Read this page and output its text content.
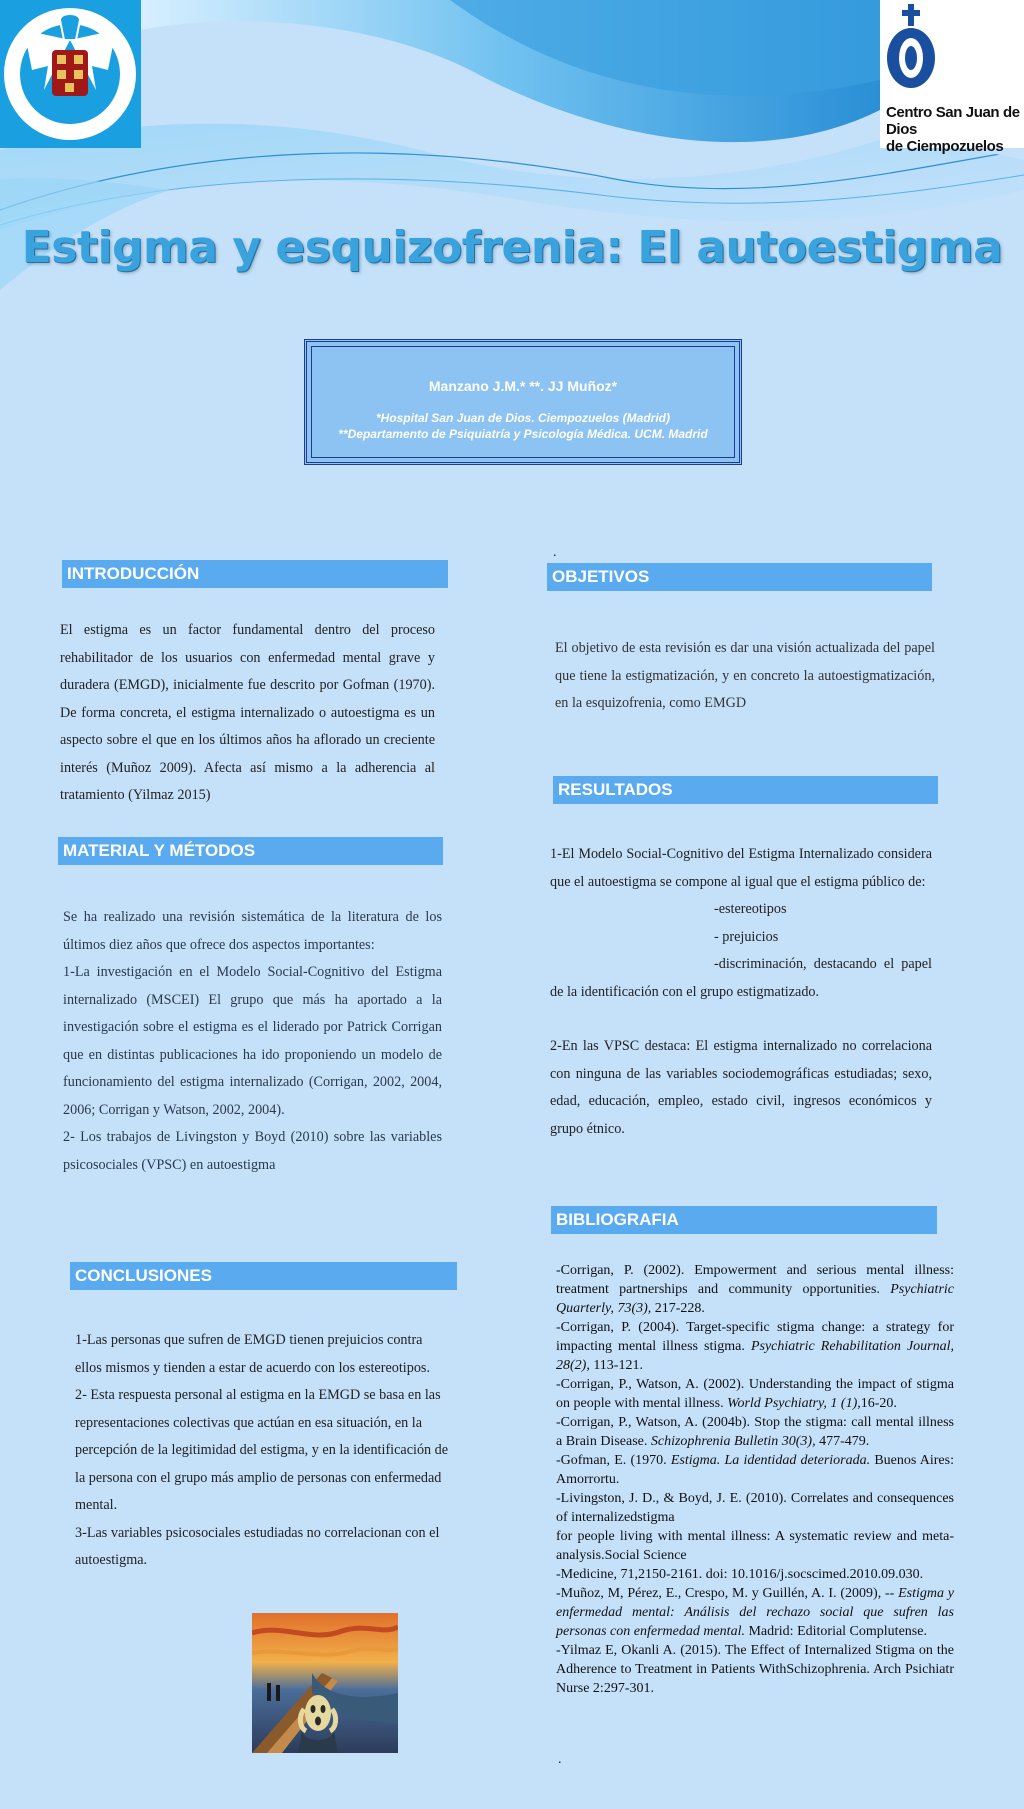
Centro San Juan de Dios
de Ciempozuelos
Estigma y esquizofrenia: El autoestigma
Manzano J.M.* **. JJ Muñoz*
*Hospital San Juan de Dios. Ciempozuelos (Madrid)
**Departamento de Psiquiatría y Psicología Médica. UCM. Madrid
INTRODUCCIÓN

El estigma es un factor fundamental dentro del proceso rehabilitador de los usuarios con enfermedad mental grave y duradera (EMGD), inicialmente fue descrito por Gofman (1970). De forma concreta, el estigma internalizado o autoestigma es un aspecto sobre el que en los últimos años ha aflorado un creciente interés (Muñoz 2009). Afecta así mismo a la adherencia al tratamiento (Yilmaz 2015)

.
OBJETIVOS

El objetivo de esta revisión es dar una visión actualizada del papel que tiene la estigmatización, y en concreto la autoestigmatización, en la esquizofrenia, como EMGD

MATERIAL Y MÉTODOS

Se ha realizado una revisión sistemática de la literatura de los últimos diez años que ofrece dos aspectos importantes:

1-La investigación en el Modelo Social-Cognitivo del Estigma internalizado (MSCEI) El grupo que más ha aportado a la investigación sobre el estigma es el liderado por Patrick Corrigan que en distintas publicaciones ha ido proponiendo un modelo de funcionamiento del estigma internalizado (Corrigan, 2002, 2004, 2006; Corrigan y Watson, 2002, 2004).

2- Los trabajos de Livingston y Boyd (2010) sobre las variables psicosociales (VPSC) en autoestigma

RESULTADOS

1-El Modelo Social-Cognitivo del Estigma Internalizado considera que el autoestigma se compone al igual que el estigma público de:

-estereotipos

- prejuicios

-discriminación, destacando el papel de la identificación con el grupo estigmatizado.

2-En las VPSC destaca: El estigma internalizado no correlaciona con ninguna de las variables sociodemográficas estudiadas; sexo, edad, educación, empleo, estado civil, ingresos económicos y grupo étnico.

CONCLUSIONES

1-Las personas que sufren de EMGD tienen prejuicios contra ellos mismos y tienden a estar de acuerdo con los estereotipos.

2- Esta respuesta personal al estigma en la EMGD se basa en las representaciones colectivas que actúan en esa situación, en la percepción de la legitimidad del estigma, y en la identificación de la persona con el grupo más amplio de personas con enfermedad mental.

3-Las variables psicosociales estudiadas no correlacionan con el autoestigma.

BIBLIOGRAFIA

-Corrigan, P. (2002). Empowerment and serious mental illness: treatment partnerships and community opportunities. Psychiatric Quarterly, 73(3), 217-228.

-Corrigan, P. (2004). Target-specific stigma change: a strategy for impacting mental illness stigma. Psychiatric Rehabilitation Journal, 28(2), 113-121.

-Corrigan, P., Watson, A. (2002). Understanding the impact of stigma on people with mental illness. World Psychiatry, 1 (1),16-20.

-Corrigan, P., Watson, A. (2004b). Stop the stigma: call mental illness a Brain Disease. Schizophrenia Bulletin 30(3), 477-479.

-Gofman, E. (1970. Estigma. La identidad deteriorada. Buenos Aires: Amorrortu.

-Livingston, J. D., & Boyd, J. E. (2010). Correlates and consequences of internalizedstigma

for people living with mental illness: A systematic review and meta-analysis.Social Science

-Medicine, 71,2150-2161. doi: 10.1016/j.socscimed.2010.09.030.

-Muñoz, M, Pérez, E., Crespo, M. y Guillén, A. I. (2009), -- Estigma y enfermedad mental: Análisis del rechazo social que sufren las personas con enfermedad mental. Madrid: Editorial Complutense.

-Yilmaz E, Okanli A. (2015). The Effect of Internalized Stigma on the Adherence to Treatment in Patients WithSchizophrenia. Arch Psichiatr Nurse 2:297-301.

.
